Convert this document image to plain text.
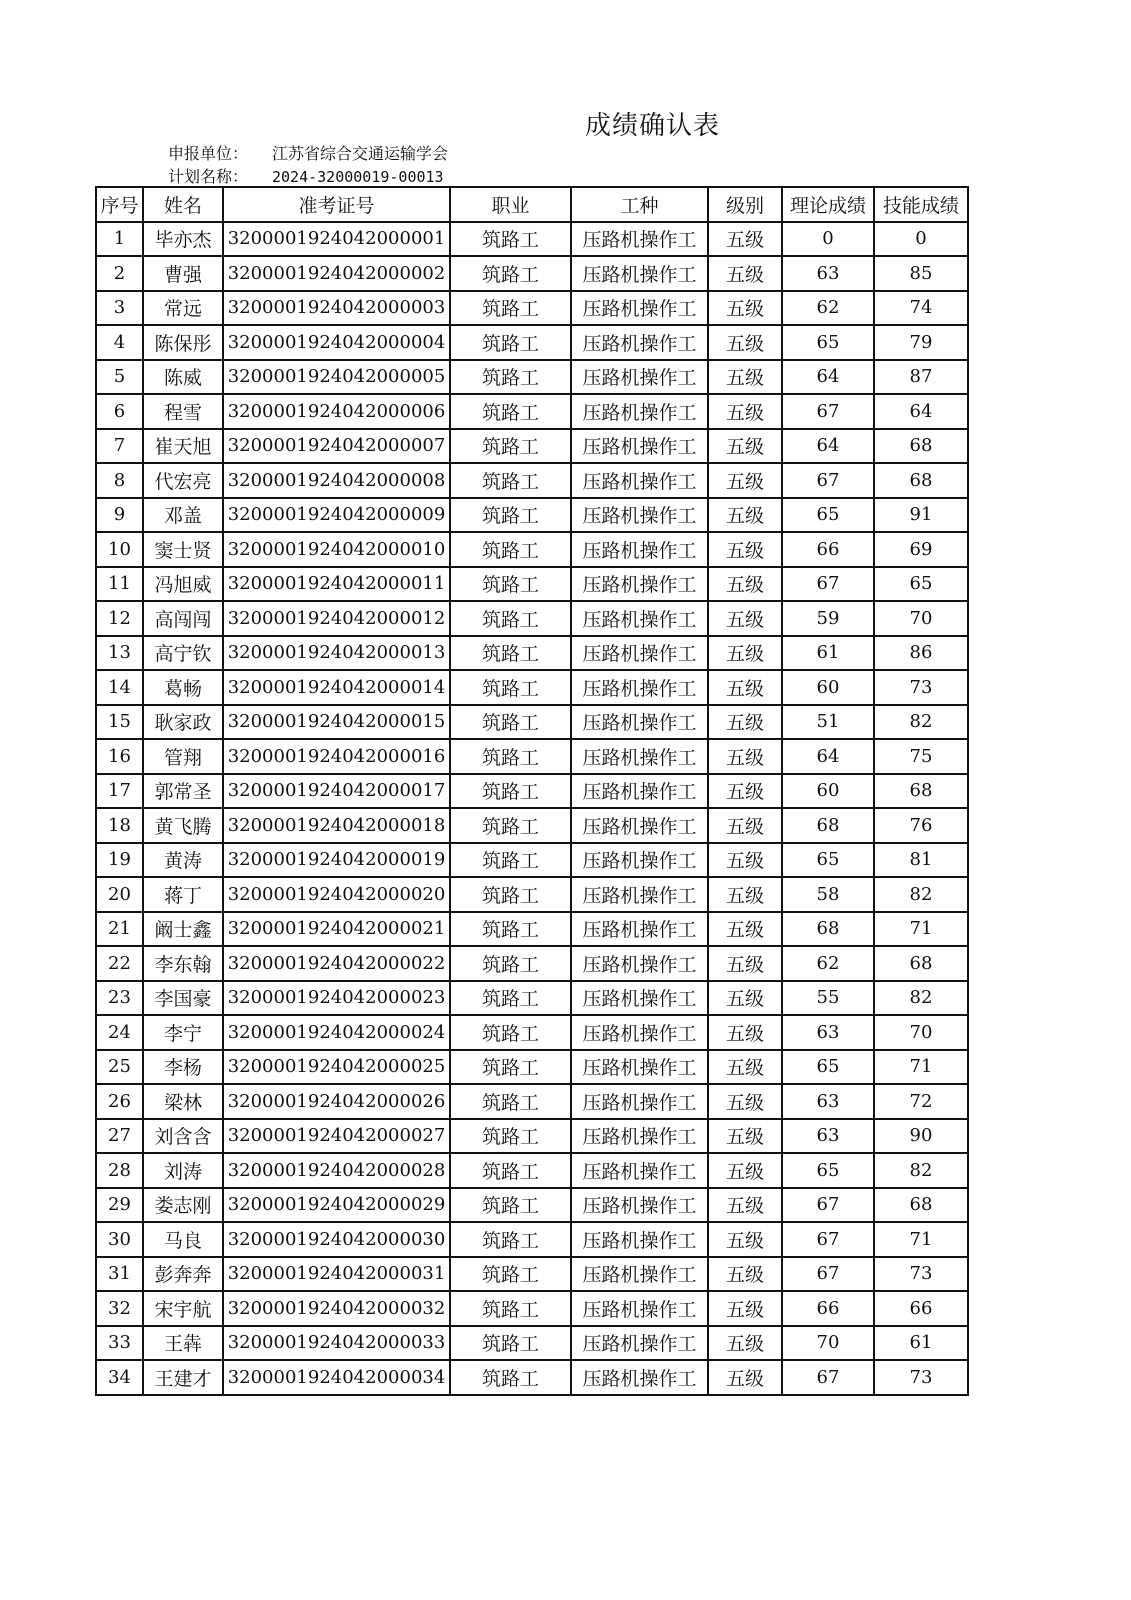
成绩确认表
申报单位： 江苏省综合交通运输学会
计划名称： 2024-32000019-00013
序号	姓名	准考证号	职业	工种	级别	理论成绩	技能成绩
1	毕亦杰	3200001924042000001	筑路工	压路机操作工	五级	0	0
2	曹强	3200001924042000002	筑路工	压路机操作工	五级	63	85
3	常远	3200001924042000003	筑路工	压路机操作工	五级	62	74
4	陈保彤	3200001924042000004	筑路工	压路机操作工	五级	65	79
5	陈威	3200001924042000005	筑路工	压路机操作工	五级	64	87
6	程雪	3200001924042000006	筑路工	压路机操作工	五级	67	64
7	崔天旭	3200001924042000007	筑路工	压路机操作工	五级	64	68
8	代宏亮	3200001924042000008	筑路工	压路机操作工	五级	67	68
9	邓盖	3200001924042000009	筑路工	压路机操作工	五级	65	91
10	窦士贤	3200001924042000010	筑路工	压路机操作工	五级	66	69
11	冯旭威	3200001924042000011	筑路工	压路机操作工	五级	67	65
12	高闯闯	3200001924042000012	筑路工	压路机操作工	五级	59	70
13	高宁钦	3200001924042000013	筑路工	压路机操作工	五级	61	86
14	葛畅	3200001924042000014	筑路工	压路机操作工	五级	60	73
15	耿家政	3200001924042000015	筑路工	压路机操作工	五级	51	82
16	管翔	3200001924042000016	筑路工	压路机操作工	五级	64	75
17	郭常圣	3200001924042000017	筑路工	压路机操作工	五级	60	68
18	黄飞腾	3200001924042000018	筑路工	压路机操作工	五级	68	76
19	黄涛	3200001924042000019	筑路工	压路机操作工	五级	65	81
20	蒋丁	3200001924042000020	筑路工	压路机操作工	五级	58	82
21	阚士鑫	3200001924042000021	筑路工	压路机操作工	五级	68	71
22	李东翰	3200001924042000022	筑路工	压路机操作工	五级	62	68
23	李国豪	3200001924042000023	筑路工	压路机操作工	五级	55	82
24	李宁	3200001924042000024	筑路工	压路机操作工	五级	63	70
25	李杨	3200001924042000025	筑路工	压路机操作工	五级	65	71
26	梁林	3200001924042000026	筑路工	压路机操作工	五级	63	72
27	刘含含	3200001924042000027	筑路工	压路机操作工	五级	63	90
28	刘涛	3200001924042000028	筑路工	压路机操作工	五级	65	82
29	娄志刚	3200001924042000029	筑路工	压路机操作工	五级	67	68
30	马良	3200001924042000030	筑路工	压路机操作工	五级	67	71
31	彭奔奔	3200001924042000031	筑路工	压路机操作工	五级	67	73
32	宋宇航	3200001924042000032	筑路工	压路机操作工	五级	66	66
33	王犇	3200001924042000033	筑路工	压路机操作工	五级	70	61
34	王建才	3200001924042000034	筑路工	压路机操作工	五级	67	73
